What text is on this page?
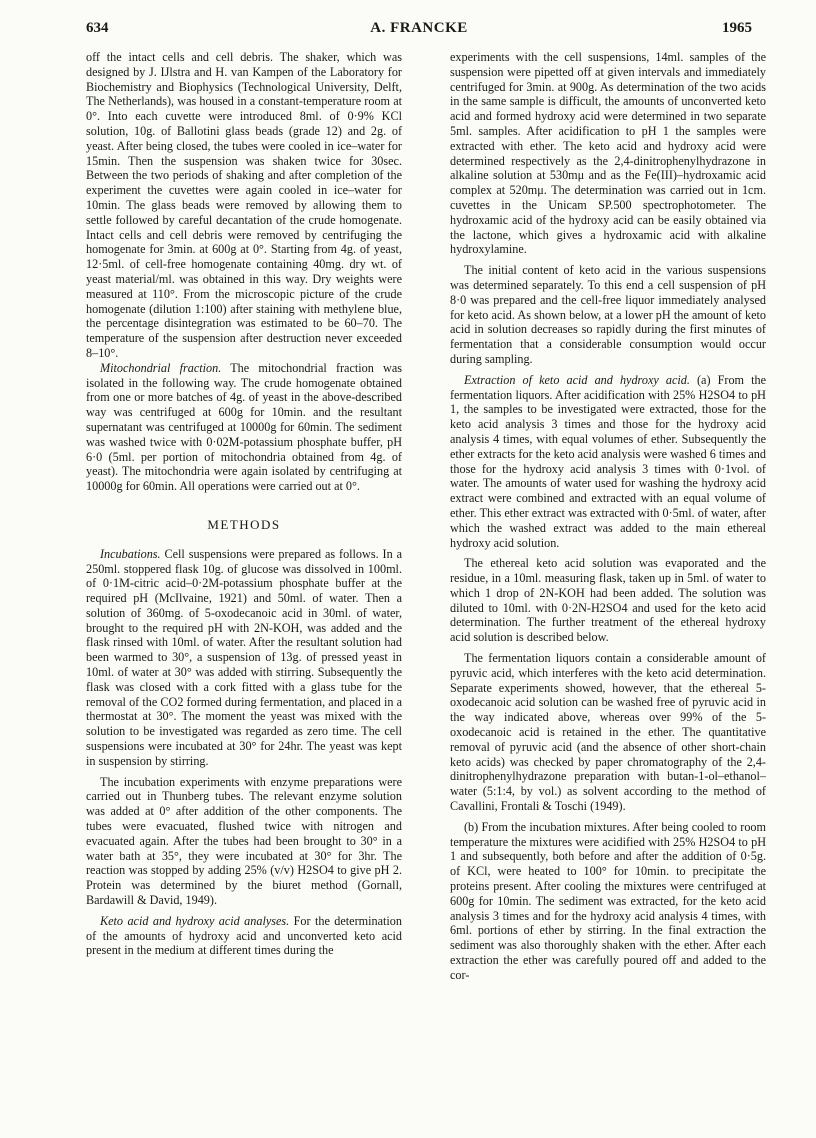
634	A. FRANCKE	1965

off the intact cells and cell debris. The shaker, which was designed by J. IJlstra and H. van Kampen of the Laboratory for Biochemistry and Biophysics (Technological University, Delft, The Netherlands), was housed in a constant-temperature room at 0°. Into each cuvette were introduced 8ml. of 0·9% KCl solution, 10g. of Ballotini glass beads (grade 12) and 2g. of yeast. After being closed, the tubes were cooled in ice–water for 15min. Then the suspension was shaken twice for 30sec. Between the two periods of shaking and after completion of the experiment the cuvettes were again cooled in ice–water for 10min. The glass beads were removed by allowing them to settle followed by careful decantation of the crude homogenate. Intact cells and cell debris were removed by centrifuging the homogenate for 3min. at 600g at 0°. Starting from 4g. of yeast, 12·5ml. of cell-free homogenate containing 40mg. dry wt. of yeast material/ml. was obtained in this way. Dry weights were measured at 110°. From the microscopic picture of the crude homogenate (dilution 1:100) after staining with methylene blue, the percentage disintegration was estimated to be 60–70. The temperature of the suspension after destruction never exceeded 8–10°.

Mitochondrial fraction. The mitochondrial fraction was isolated in the following way. The crude homogenate obtained from one or more batches of 4g. of yeast in the above-described way was centrifuged at 600g for 10min. and the resultant supernatant was centrifuged at 10000g for 60min. The sediment was washed twice with 0·02M-potassium phosphate buffer, pH 6·0 (5ml. per portion of mitochondria obtained from 4g. of yeast). The mitochondria were again isolated by centrifuging at 10000g for 60min. All operations were carried out at 0°.

METHODS

Incubations. Cell suspensions were prepared as follows. In a 250ml. stoppered flask 10g. of glucose was dissolved in 100ml. of 0·1M-citric acid–0·2M-potassium phosphate buffer at the required pH (McIlvaine, 1921) and 50ml. of water. Then a solution of 360mg. of 5-oxodecanoic acid in 30ml. of water, brought to the required pH with 2N-KOH, was added and the flask rinsed with 10ml. of water. After the resultant solution had been warmed to 30°, a suspension of 13g. of pressed yeast in 10ml. of water at 30° was added with stirring. Subsequently the flask was closed with a cork fitted with a glass tube for the removal of the CO2 formed during fermentation, and placed in a thermostat at 30°. The moment the yeast was mixed with the solution to be investigated was regarded as zero time. The cell suspensions were incubated at 30° for 24hr. The yeast was kept in suspension by stirring.

The incubation experiments with enzyme preparations were carried out in Thunberg tubes. The relevant enzyme solution was added at 0° after addition of the other components. The tubes were evacuated, flushed twice with nitrogen and evacuated again. After the tubes had been brought to 30° in a water bath at 35°, they were incubated at 30° for 3hr. The reaction was stopped by adding 25% (v/v) H2SO4 to give pH 2. Protein was determined by the biuret method (Gornall, Bardawill & David, 1949).

Keto acid and hydroxy acid analyses. For the determination of the amounts of hydroxy acid and unconverted keto acid present in the medium at different times during the

experiments with the cell suspensions, 14ml. samples of the suspension were pipetted off at given intervals and immediately centrifuged for 3min. at 900g. As determination of the two acids in the same sample is difficult, the amounts of unconverted keto acid and formed hydroxy acid were determined in two separate 5ml. samples. After acidification to pH 1 the samples were extracted with ether. The keto acid and hydroxy acid were determined respectively as the 2,4-dinitrophenylhydrazone in alkaline solution at 530mμ and as the Fe(III)–hydroxamic acid complex at 520mμ. The determination was carried out in 1cm. cuvettes in the Unicam SP.500 spectrophotometer. The hydroxamic acid of the hydroxy acid can be easily obtained via the lactone, which gives a hydroxamic acid with alkaline hydroxylamine.

The initial content of keto acid in the various suspensions was determined separately. To this end a cell suspension of pH 8·0 was prepared and the cell-free liquor immediately analysed for keto acid. As shown below, at a lower pH the amount of keto acid in solution decreases so rapidly during the first minutes of fermentation that a considerable consumption would occur during sampling.

Extraction of keto acid and hydroxy acid. (a) From the fermentation liquors. After acidification with 25% H2SO4 to pH 1, the samples to be investigated were extracted, those for the keto acid analysis 3 times and those for the hydroxy acid analysis 4 times, with equal volumes of ether. Subsequently the ether extracts for the keto acid analysis were washed 6 times and those for the hydroxy acid analysis 3 times with 0·1vol. of water. The amounts of water used for washing the hydroxy acid extract were combined and extracted with an equal volume of ether. This ether extract was extracted with 0·5ml. of water, after which the washed extract was added to the main ethereal hydroxy acid solution.

The ethereal keto acid solution was evaporated and the residue, in a 10ml. measuring flask, taken up in 5ml. of water to which 1 drop of 2N-KOH had been added. The solution was diluted to 10ml. with 0·2N-H2SO4 and used for the keto acid determination. The further treatment of the ethereal hydroxy acid solution is described below.

The fermentation liquors contain a considerable amount of pyruvic acid, which interferes with the keto acid determination. Separate experiments showed, however, that the ethereal 5-oxodecanoic acid solution can be washed free of pyruvic acid in the way indicated above, whereas over 99% of the 5-oxodecanoic acid is retained in the ether. The quantitative removal of pyruvic acid (and the absence of other short-chain keto acids) was checked by paper chromatography of the 2,4-dinitrophenylhydrazone preparation with butan-1-ol–ethanol–water (5:1:4, by vol.) as solvent according to the method of Cavallini, Frontali & Toschi (1949).

(b) From the incubation mixtures. After being cooled to room temperature the mixtures were acidified with 25% H2SO4 to pH 1 and subsequently, both before and after the addition of 0·5g. of KCl, were heated to 100° for 10min. to precipitate the proteins present. After cooling the mixtures were centrifuged at 600g for 10min. The sediment was extracted, for the keto acid analysis 3 times and for the hydroxy acid analysis 4 times, with 6ml. portions of ether by stirring. In the final extraction the sediment was also thoroughly shaken with the ether. After each extraction the ether was carefully poured off and added to the cor-
